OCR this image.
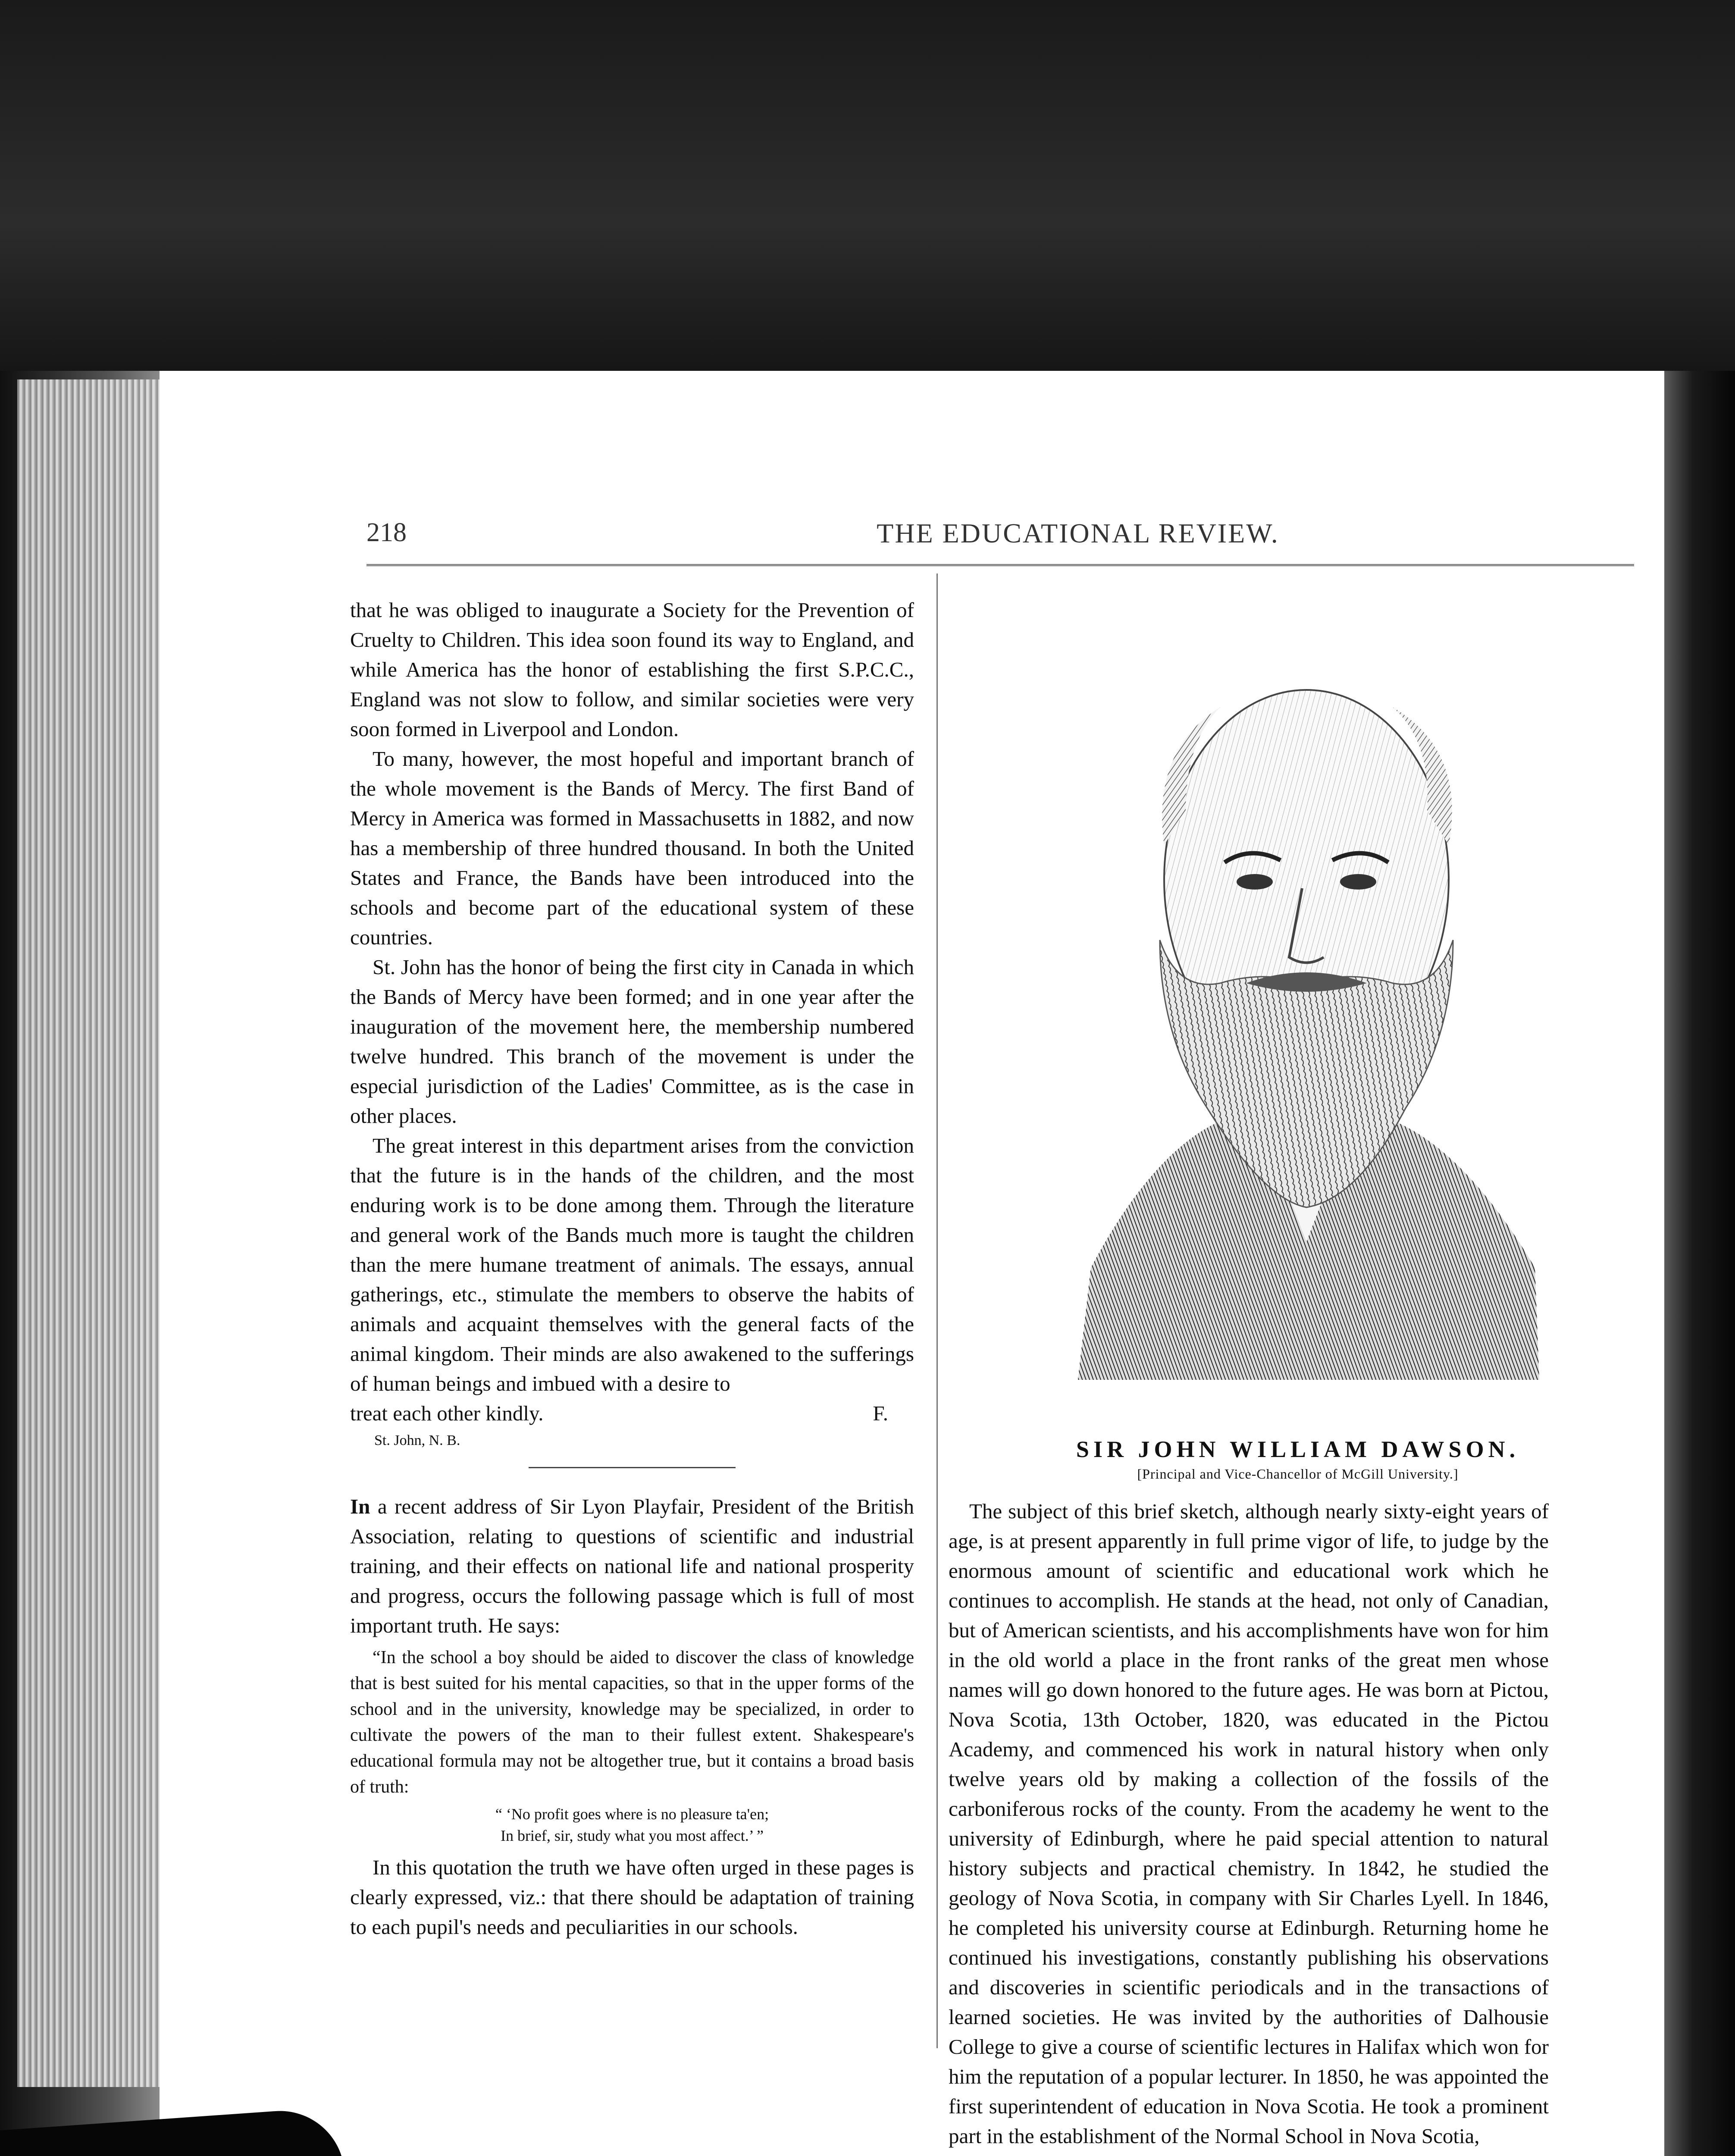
218	THE EDUCATIONAL REVIEW.

that he was obliged to inaugurate a Society for the Prevention of Cruelty to Children. This idea soon found its way to England, and while America has the honor of establishing the first S.P.C.C., England was not slow to follow, and similar societies were very soon formed in Liverpool and London.

To many, however, the most hopeful and important branch of the whole movement is the Bands of Mercy. The first Band of Mercy in America was formed in Massachusetts in 1882, and now has a membership of three hundred thousand. In both the United States and France, the Bands have been introduced into the schools and become part of the educational system of these countries.

St. John has the honor of being the first city in Canada in which the Bands of Mercy have been formed; and in one year after the inauguration of the movement here, the membership numbered twelve hundred. This branch of the movement is under the especial jurisdiction of the Ladies' Committee, as is the case in other places.

The great interest in this department arises from the conviction that the future is in the hands of the children, and the most enduring work is to be done among them. Through the literature and general work of the Bands much more is taught the children than the mere humane treatment of animals. The essays, annual gatherings, etc., stimulate the members to observe the habits of animals and acquaint themselves with the general facts of the animal kingdom. Their minds are also awakened to the sufferings of human beings and imbued with a desire to

treat each other kindly.	F.
St. John, N. B.

In a recent address of Sir Lyon Playfair, President of the British Association, relating to questions of scientific and industrial training, and their effects on national life and national prosperity and progress, occurs the following passage which is full of most important truth. He says:

“In the school a boy should be aided to discover the class of knowledge that is best suited for his mental capacities, so that in the upper forms of the school and in the university, knowledge may be specialized, in order to cultivate the powers of the man to their fullest extent. Shakespeare's educational formula may not be altogether true, but it contains a broad basis of truth:

“ ‘No profit goes where is no pleasure ta'en;
In brief, sir, study what you most affect.’ ”

In this quotation the truth we have often urged in these pages is clearly expressed, viz.: that there should be adaptation of training to each pupil's needs and peculiarities in our schools.

SIR JOHN WILLIAM DAWSON.
[Principal and Vice-Chancellor of McGill University.]

The subject of this brief sketch, although nearly sixty-eight years of age, is at present apparently in full prime vigor of life, to judge by the enormous amount of scientific and educational work which he continues to accomplish. He stands at the head, not only of Canadian, but of American scientists, and his accomplishments have won for him in the old world a place in the front ranks of the great men whose names will go down honored to the future ages. He was born at Pictou, Nova Scotia, 13th October, 1820, was educated in the Pictou Academy, and commenced his work in natural history when only twelve years old by making a collection of the fossils of the carboniferous rocks of the county. From the academy he went to the university of Edinburgh, where he paid special attention to natural history subjects and practical chemistry. In 1842, he studied the geology of Nova Scotia, in company with Sir Charles Lyell. In 1846, he completed his university course at Edinburgh. Returning home he continued his investigations, constantly publishing his observations and discoveries in scientific periodicals and in the transactions of learned societies. He was invited by the authorities of Dalhousie College to give a course of scientific lectures in Halifax which won for him the reputation of a popular lecturer. In 1850, he was appointed the first superintendent of education in Nova Scotia. He took a prominent part in the establishment of the Normal School in Nova Scotia,
